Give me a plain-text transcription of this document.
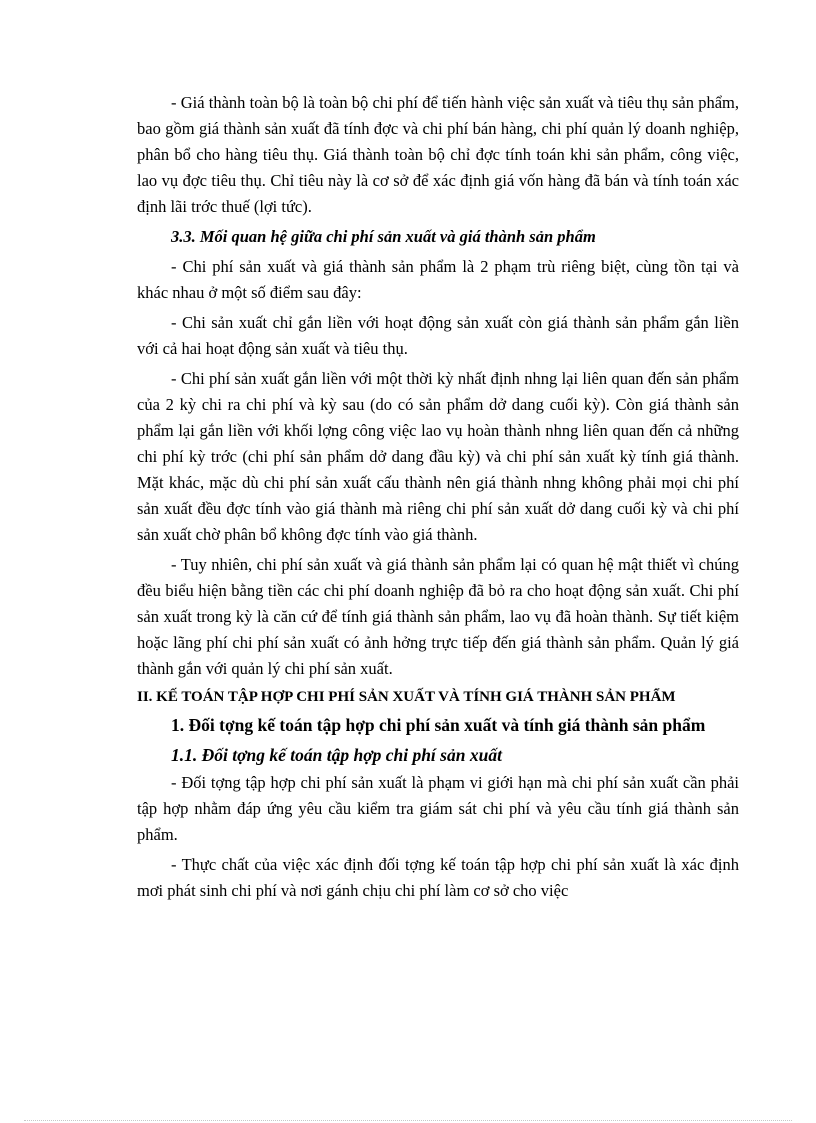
- Giá thành toàn bộ là toàn bộ chi phí để tiến hành việc sản xuất và tiêu thụ sản phẩm, bao gồm giá thành sản xuất đã tính đợc và chi phí bán hàng, chi phí quản lý doanh nghiệp, phân bổ cho hàng tiêu thụ. Giá thành toàn bộ chỉ đợc tính toán khi sản phẩm, công việc, lao vụ đợc tiêu thụ. Chỉ tiêu này là cơ sở để xác định giá vốn hàng đã bán và tính toán xác định lãi trớc thuế (lợi tức).

3.3. Mối quan hệ giữa chi phí sản xuất và giá thành sản phẩm

- Chi phí sản xuất và giá thành sản phẩm là 2 phạm trù riêng biệt, cùng tồn tại và khác nhau ở một số điểm sau đây:

- Chi sản xuất chỉ gắn liền với hoạt động sản xuất còn giá thành sản phẩm gắn liền với cả hai hoạt động sản xuất và tiêu thụ.

- Chi phí sản xuất gắn liền với một thời kỳ nhất định nhng lại liên quan đến sản phẩm của 2 kỳ chi ra chi phí và kỳ sau (do có sản phẩm dở dang cuối kỳ). Còn giá thành sản phẩm lại gắn liền với khối lợng công việc lao vụ hoàn thành nhng liên quan đến cả những chi phí kỳ trớc (chi phí sản phẩm dở dang đầu kỳ) và chi phí sản xuất kỳ tính giá thành. Mặt khác, mặc dù chi phí sản xuất cấu thành nên giá thành nhng không phải mọi chi phí sản xuất đều đợc tính vào giá thành mà riêng chi phí sản xuất dở dang cuối kỳ và chi phí sản xuất chờ phân bổ không đợc tính vào giá thành.

- Tuy nhiên, chi phí sản xuất và giá thành sản phẩm lại có quan hệ mật thiết vì chúng đều biểu hiện bằng tiền các chi phí doanh nghiệp đã bỏ ra cho hoạt động sản xuất. Chi phí sản xuất trong kỳ là căn cứ để tính giá thành sản phẩm, lao vụ đã hoàn thành. Sự tiết kiệm hoặc lãng phí chi phí sản xuất có ảnh hởng trực tiếp đến giá thành sản phẩm. Quản lý giá thành gắn với quản lý chi phí sản xuất.

II. KẾ TOÁN TẬP HỢP CHI PHÍ SẢN XUẤT VÀ TÍNH GIÁ THÀNH SẢN PHẨM

1. Đối tợng kế toán tập hợp chi phí sản xuất và tính giá thành sản phẩm

1.1. Đối tợng kế toán tập hợp chi phí sản xuất

- Đối tợng tập hợp chi phí sản xuất là phạm vi giới hạn mà chi phí sản xuất cần phải tập hợp nhằm đáp ứng yêu cầu kiểm tra giám sát chi phí và yêu cầu tính giá thành sản phẩm.

- Thực chất của việc xác định đối tợng kế toán tập hợp chi phí sản xuất là xác định mơi phát sinh chi phí và nơi gánh chịu chi phí làm cơ sở cho việc
